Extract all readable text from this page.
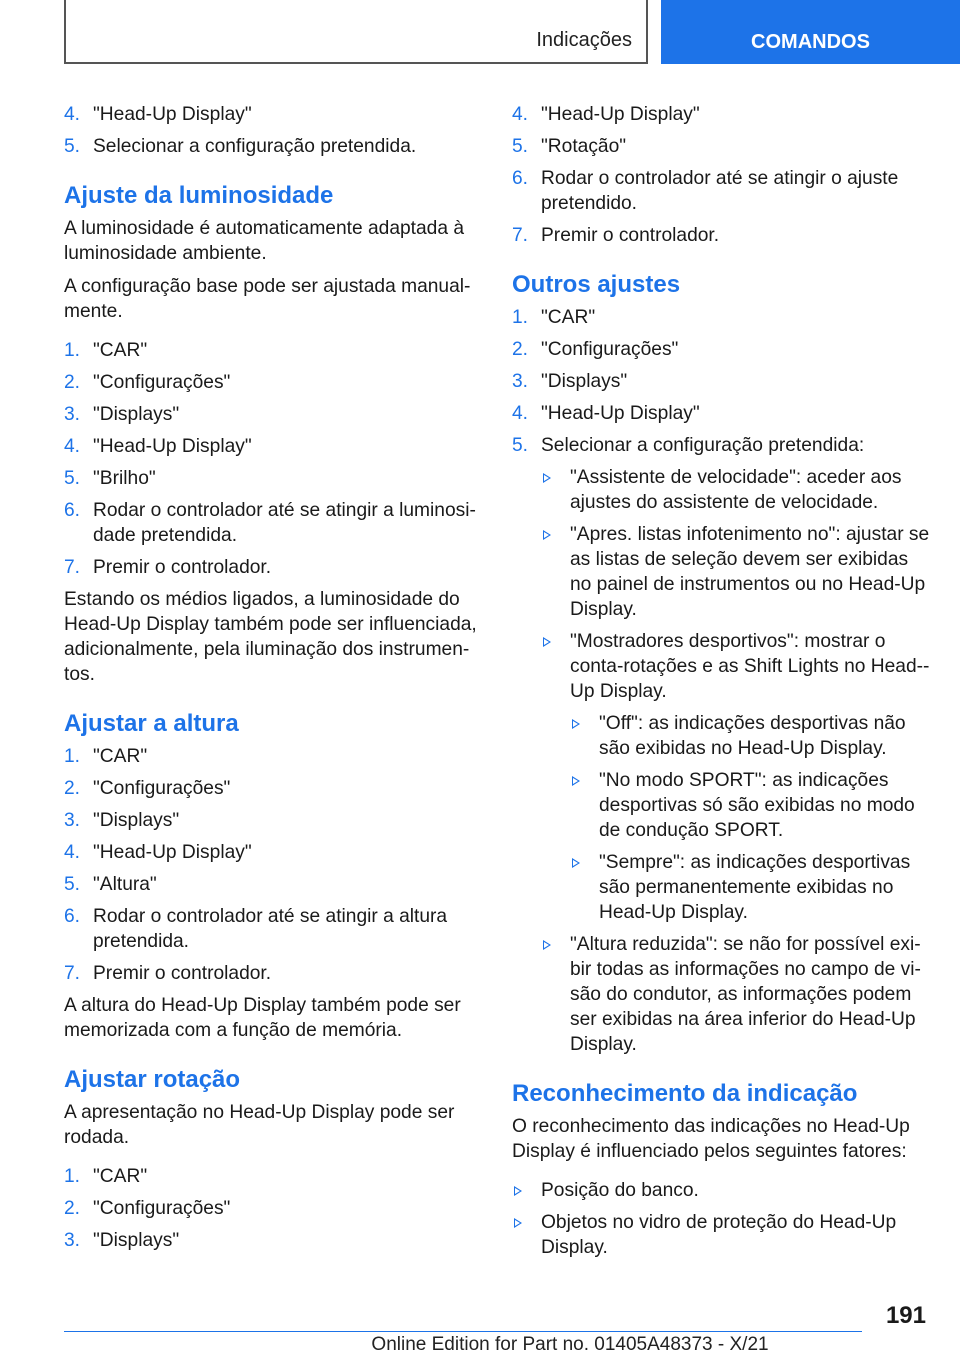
Indicações	COMANDOS
4. "Head-Up Display"
5. Selecionar a configuração pretendida.
Ajuste da luminosidade
A luminosidade é automaticamente adaptada à luminosidade ambiente.
A configuração base pode ser ajustada manualmente.
1. "CAR"
2. "Configurações"
3. "Displays"
4. "Head-Up Display"
5. "Brilho"
6. Rodar o controlador até se atingir a luminosidade pretendida.
7. Premir o controlador.
Estando os médios ligados, a luminosidade do Head-Up Display também pode ser influenciada, adicionalmente, pela iluminação dos instrumentos.
Ajustar a altura
1. "CAR"
2. "Configurações"
3. "Displays"
4. "Head-Up Display"
5. "Altura"
6. Rodar o controlador até se atingir a altura pretendida.
7. Premir o controlador.
A altura do Head-Up Display também pode ser memorizada com a função de memória.
Ajustar rotação
A apresentação no Head-Up Display pode ser rodada.
1. "CAR"
2. "Configurações"
3. "Displays"
4. "Head-Up Display"
5. "Rotação"
6. Rodar o controlador até se atingir o ajuste pretendido.
7. Premir o controlador.
Outros ajustes
1. "CAR"
2. "Configurações"
3. "Displays"
4. "Head-Up Display"
5. Selecionar a configuração pretendida:
"Assistente de velocidade": aceder aos ajustes do assistente de velocidade.
"Apres. listas infotenimento no": ajustar se as listas de seleção devem ser exibidas no painel de instrumentos ou no Head-Up Display.
"Mostradores desportivos": mostrar o conta-rotações e as Shift Lights no Head--Up Display.
"Off": as indicações desportivas não são exibidas no Head-Up Display.
"No modo SPORT": as indicações desportivas só são exibidas no modo de condução SPORT.
"Sempre": as indicações desportivas são permanentemente exibidas no Head-Up Display.
"Altura reduzida": se não for possível exibir todas as informações no campo de visão do condutor, as informações podem ser exibidas na área inferior do Head-Up Display.
Reconhecimento da indicação
O reconhecimento das indicações no Head-Up Display é influenciado pelos seguintes fatores:
Posição do banco.
Objetos no vidro de proteção do Head-Up Display.
191
Online Edition for Part no. 01405A48373 - X/21
